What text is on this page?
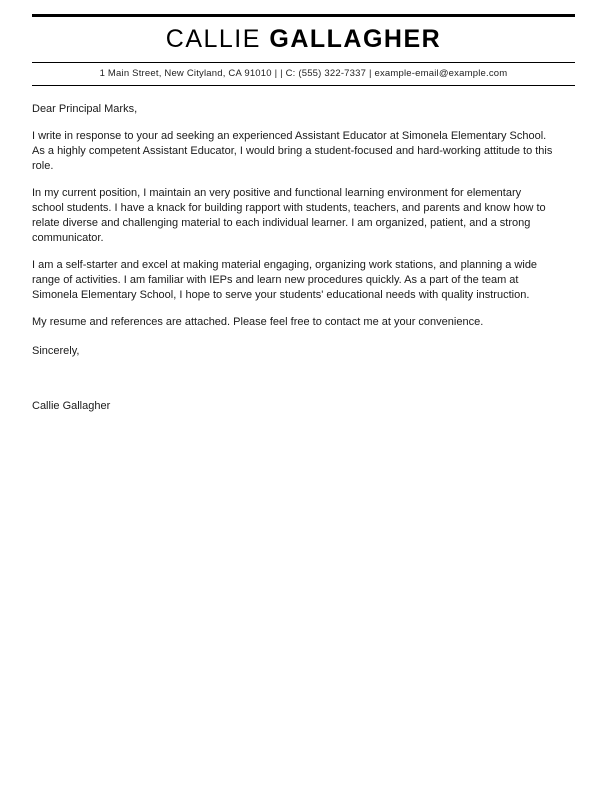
CALLIE GALLAGHER
1 Main Street, New Cityland, CA 91010 | | C: (555) 322-7337 | example-email@example.com

Dear Principal Marks,

I write in response to your ad seeking an experienced Assistant Educator at Simonela Elementary School. As a highly competent Assistant Educator, I would bring a student-focused and hard-working attitude to this role.

In my current position, I maintain an very positive and functional learning environment for elementary school students. I have a knack for building rapport with students, teachers, and parents and know how to relate diverse and challenging material to each individual learner. I am organized, patient, and a strong communicator.

I am a self-starter and excel at making material engaging, organizing work stations, and planning a wide range of activities. I am familiar with IEPs and learn new procedures quickly. As a part of the team at Simonela Elementary School, I hope to serve your students' educational needs with quality instruction.

My resume and references are attached. Please feel free to contact me at your convenience.

Sincerely,

Callie Gallagher
